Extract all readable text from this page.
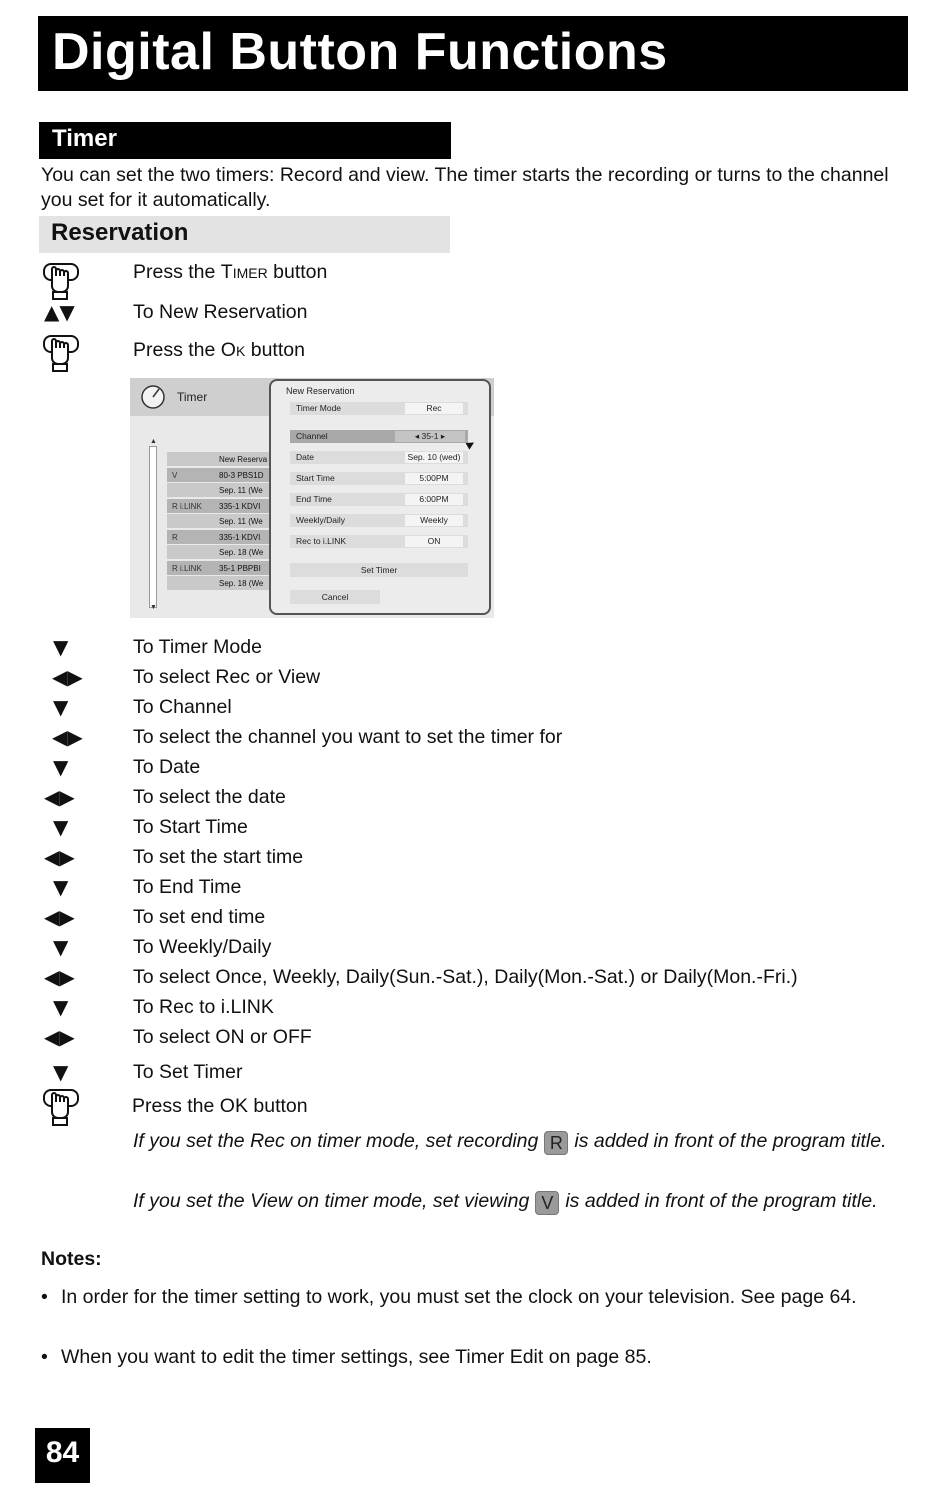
Digital Button Functions
Timer
You can set the two timers: Record and view. The timer starts the recording or turns to the channel you set for it automatically.
Reservation
Press the Timer button
▲▼	To New Reservation
Press the Ok button
Timer
▲
▼
New Reserva
V	80-3 PBS1D
Sep. 11 (We
R i.LINK 335-1 KDVI
Sep. 11 (We
R	335-1 KDVI
Sep. 18 (We
R i.LINK 35-1 PBPBI
Sep. 18 (We
New Reservation
Timer Mode	Rec
Channel	◂ 35-1 ▸
Date	Sep. 10 (wed)
Start Time	5:00PM
End Time	6:00PM
Weekly/Daily	Weekly
Rec to i.LINK	ON
Set Timer
Cancel
▶
▼	To Timer Mode
◀▶	To select Rec or View
▼	To Channel
◀▶	To select the channel you want to set the timer for
▼	To Date
◀▶	To select the date
▼	To Start Time
◀▶	To set the start time
▼	To End Time
◀▶	To set end time
▼	To Weekly/Daily
◀▶	To select Once, Weekly, Daily(Sun.-Sat.), Daily(Mon.-Sat.) or Daily(Mon.-Fri.)
▼	To Rec to i.LINK
◀▶	To select ON or OFF
▼	To Set Timer
Press the OK button
If you set the Rec on timer mode, set recording R is added in front of the program title.
If you set the View on timer mode, set viewing V is added in front of the program title.
Notes:
• In order for the timer setting to work, you must set the clock on your television. See page 64.
• When you want to edit the timer settings, see Timer Edit on page 85.
84
